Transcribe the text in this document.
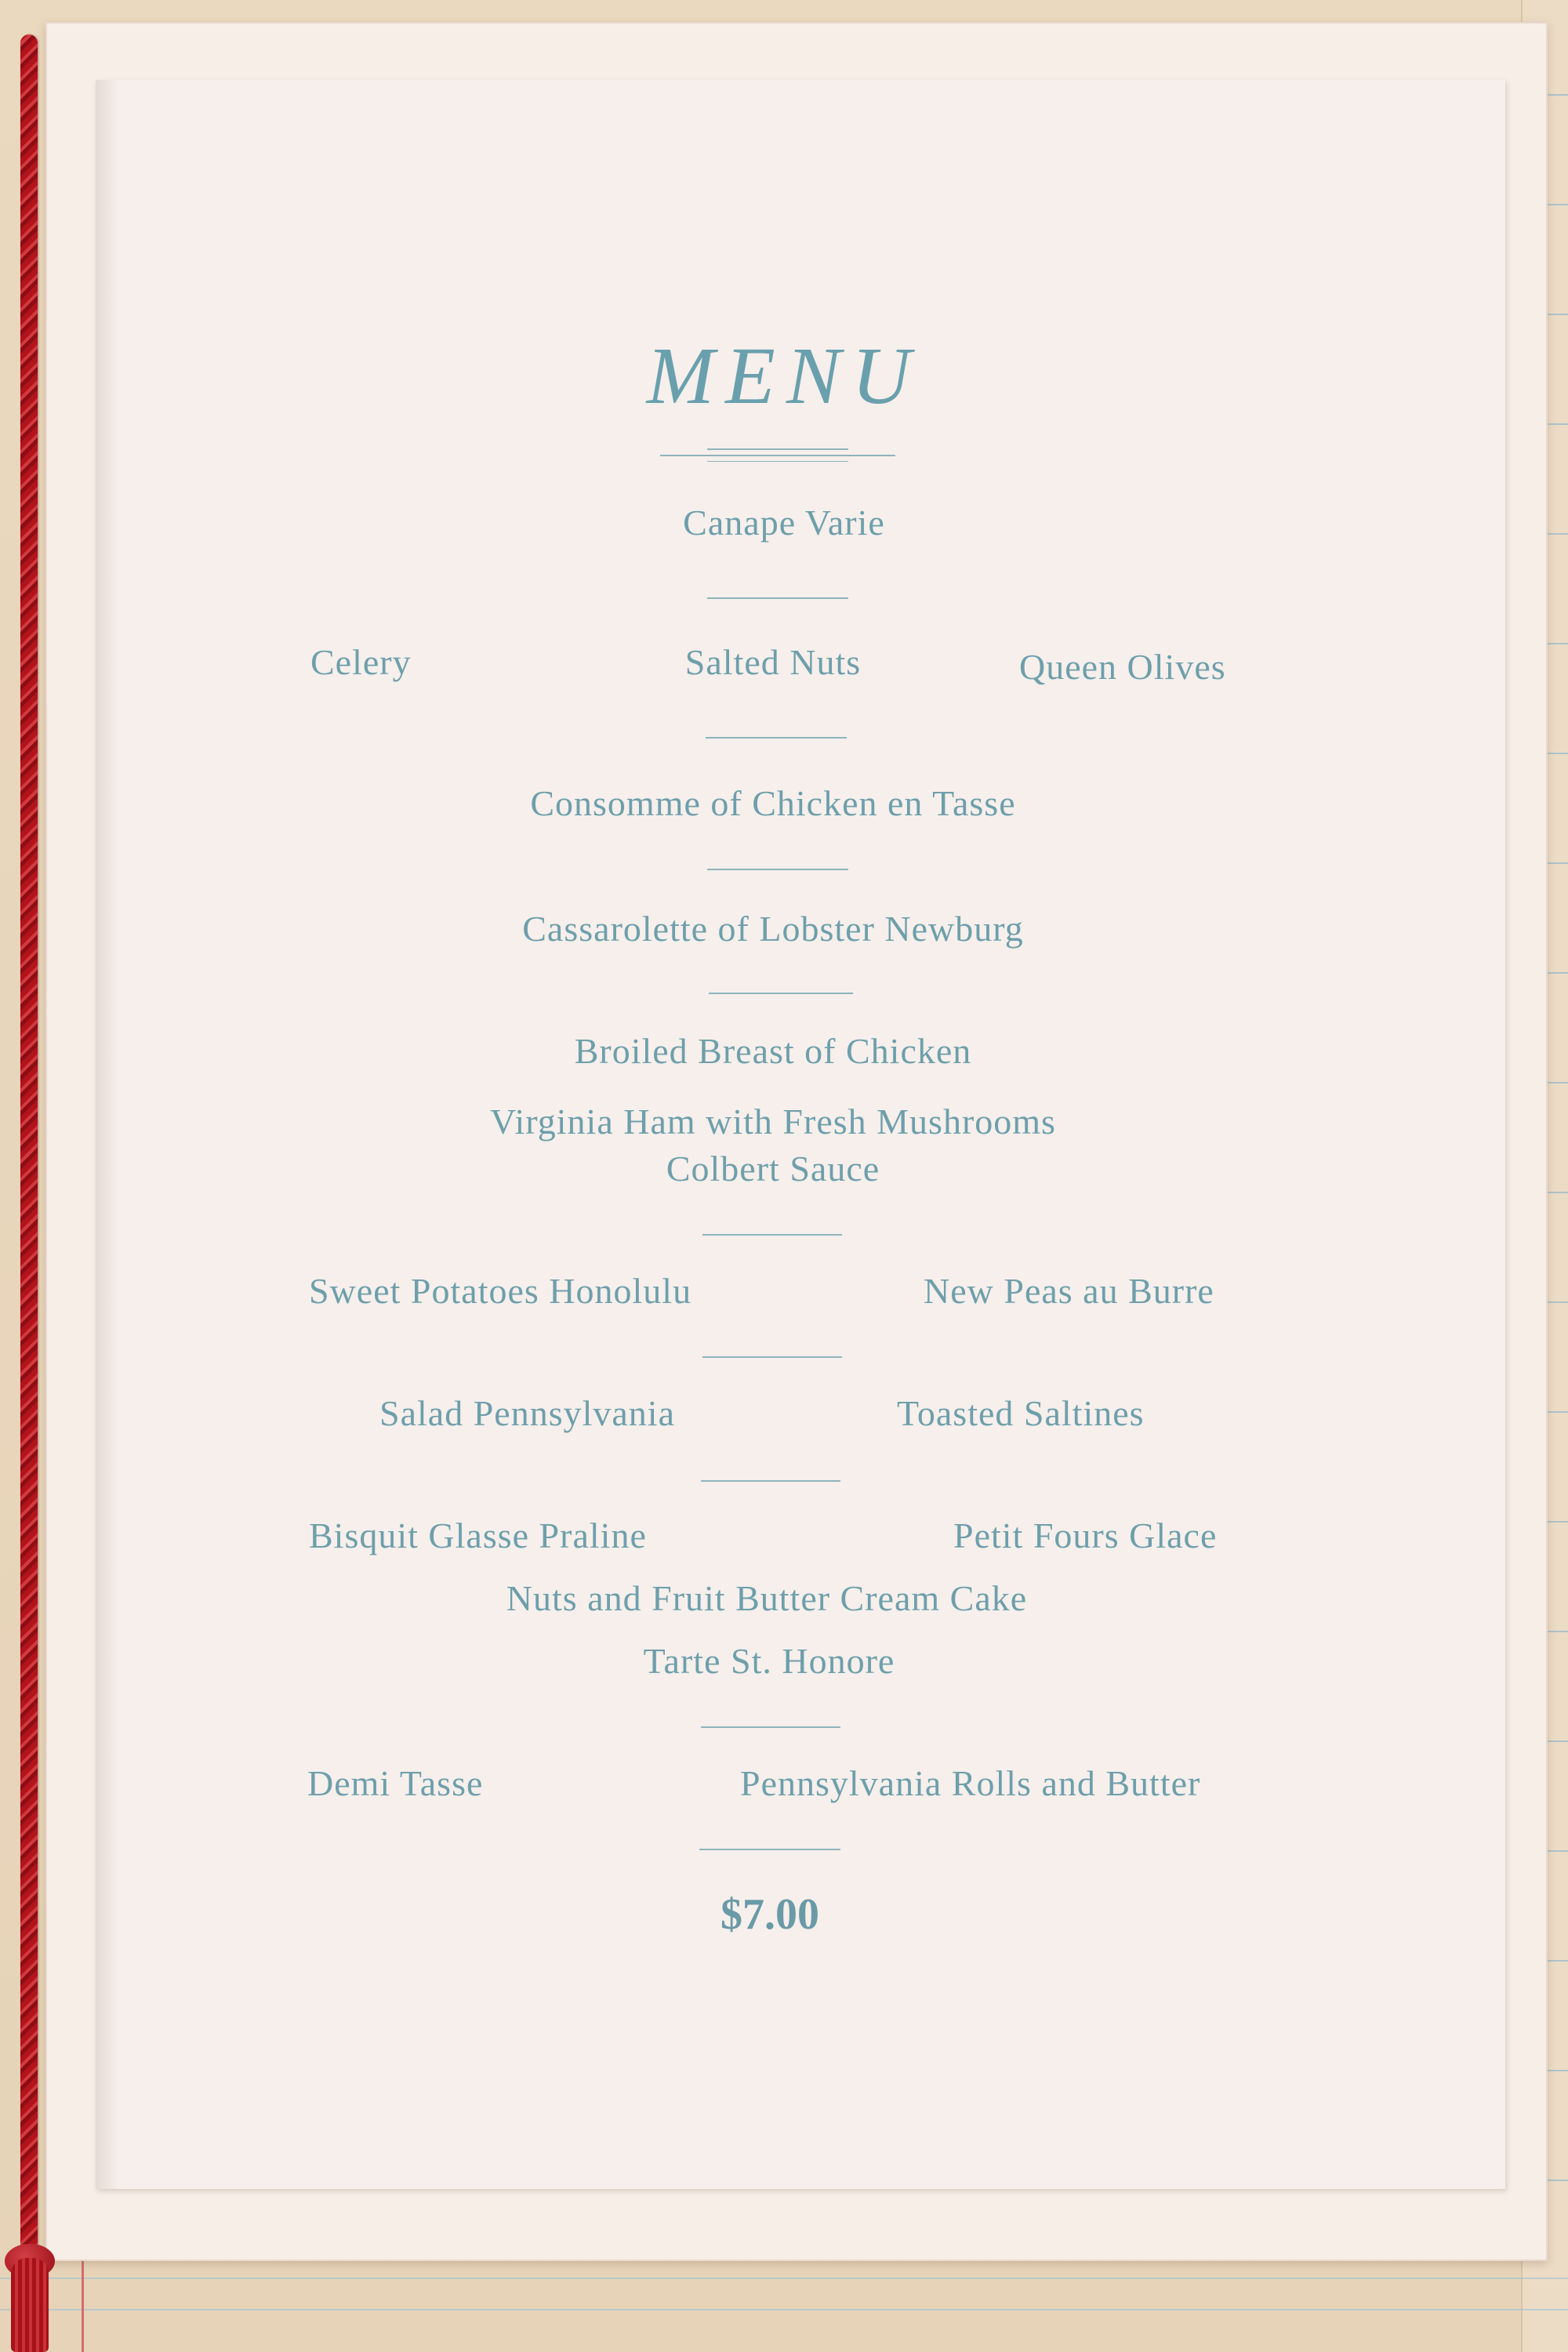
MENU
Canape Varie
Celery	Salted Nuts	Queen Olives
Consomme of Chicken en Tasse
Cassarolette of Lobster Newburg
Broiled Breast of Chicken
Virginia Ham with Fresh Mushrooms
Colbert Sauce
Sweet Potatoes Honolulu	New Peas au Burre
Salad Pennsylvania	Toasted Saltines
Bisquit Glasse Praline	Petit Fours Glace
Nuts and Fruit Butter Cream Cake
Tarte St. Honore
Demi Tasse	Pennsylvania Rolls and Butter
$7.00
